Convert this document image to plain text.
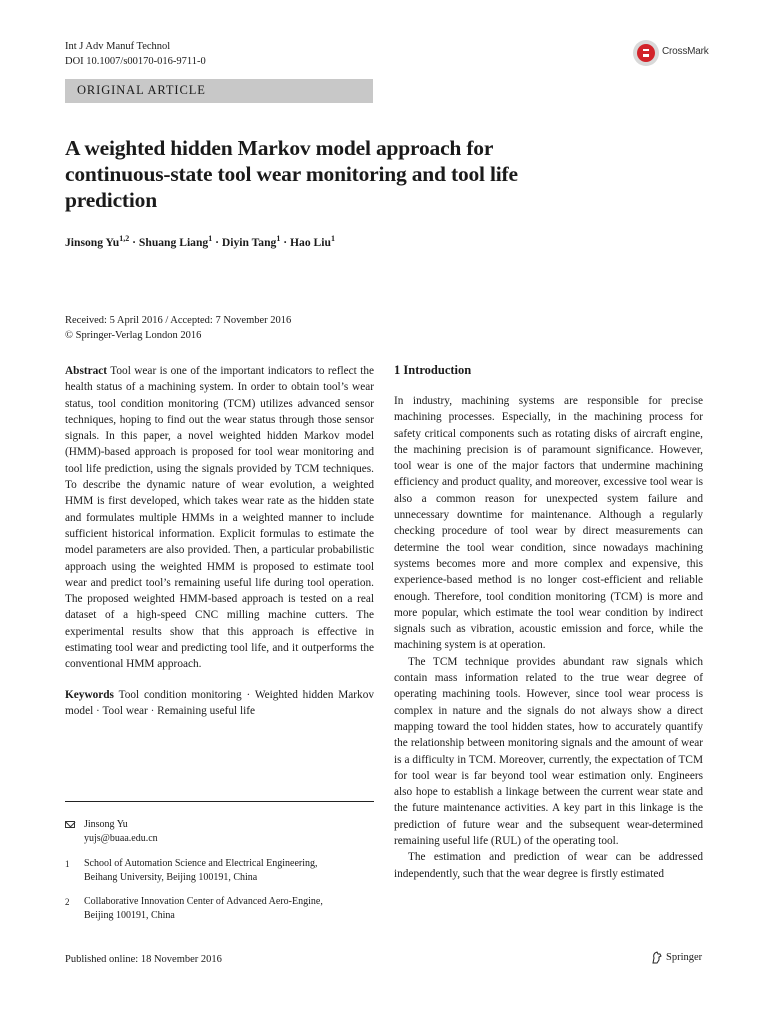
Int J Adv Manuf Technol
DOI 10.1007/s00170-016-9711-0
CrossMark
ORIGINAL ARTICLE
A weighted hidden Markov model approach for continuous-state tool wear monitoring and tool life prediction
Jinsong Yu$^{1,2}$ · Shuang Liang$^1$ · Diyin Tang$^1$ · Hao Liu$^1$
Received: 5 April 2016 / Accepted: 7 November 2016
© Springer-Verlag London 2016

Abstract Tool wear is one of the important indicators to reflect the health status of a machining system. In order to obtain tool’s wear status, tool condition monitoring (TCM) utilizes advanced sensor techniques, hoping to find out the wear status through those sensor signals. In this paper, a novel weighted hidden Markov model (HMM)-based approach is proposed for tool wear monitoring and tool life prediction, using the signals provided by TCM techniques. To describe the dynamic nature of wear evolution, a weighted HMM is first developed, which takes wear rate as the hidden state and formulates multiple HMMs in a weighted manner to include sufficient historical information. Explicit formulas to estimate the model parameters are also provided. Then, a particular probabilistic approach using the weighted HMM is proposed to estimate tool wear and predict tool’s remaining useful life during tool operation. The proposed weighted HMM-based approach is tested on a real dataset of a high-speed CNC milling machine cutters. The experimental results show that this approach is effective in estimating tool wear and predicting tool life, and it outperforms the conventional HMM approach.

Keywords Tool condition monitoring · Weighted hidden Markov model · Tool wear · Remaining useful life

Jinsong Yu
yujs@buaa.edu.cn
1	School of Automation Science and Electrical Engineering,
Beihang University, Beijing 100191, China
2	Collaborative Innovation Center of Advanced Aero-Engine,
Beijing 100191, China
1 Introduction

In industry, machining systems are responsible for precise machining processes. Especially, in the machining process for safety critical components such as rotating disks of aircraft engine, the machining precision is of paramount significance. However, tool wear is one of the major factors that undermine machining efficiency and product quality, and moreover, excessive tool wear is also a common reason for unexpected system failure and unnecessary downtime for maintenance. Although a regularly checking procedure of tool wear by direct measurements can determine the tool wear condition, since nowadays machining systems becomes more and more complex and expensive, this experience-based method is no longer cost-efficient and reliable enough. Therefore, tool condition monitoring (TCM) is more and more popular, which estimate the tool wear condition by indirect signals such as vibration, acoustic emission and force, while the machining system is at operation.

The TCM technique provides abundant raw signals which contain mass information related to the true wear degree of operating machining tools. However, since tool wear process is complex in nature and the signals do not always show a direct mapping toward the tool hidden states, how to accurately quantify the relationship between monitoring signals and the amount of wear is a difficulty in TCM. Moreover, currently, the expectation of TCM for tool wear is far beyond tool wear estimation only. Engineers also hope to establish a linkage between the current wear state and the future maintenance activities. A key part in this linkage is the prediction of future wear and the subsequent wear-determined remaining useful life (RUL) of the operating tool.

The estimation and prediction of wear can be addressed independently, such that the wear degree is firstly estimated

Published online: 18 November 2016	Springer
